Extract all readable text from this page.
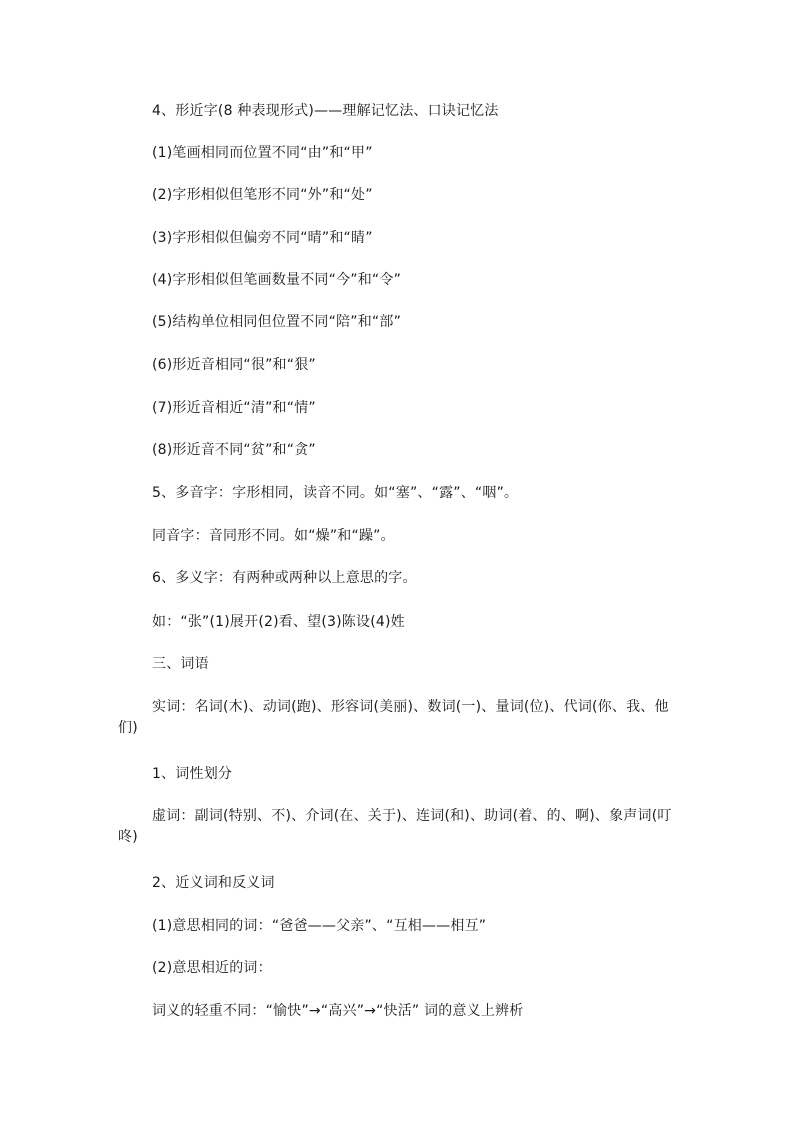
4、形近字(8 种表现形式)——理解记忆法、口诀记忆法

(1)笔画相同而位置不同“由”和“甲”

(2)字形相似但笔形不同“外”和“处”

(3)字形相似但偏旁不同“晴”和“睛”

(4)字形相似但笔画数量不同“今”和“令”

(5)结构单位相同但位置不同“陪”和“部”

(6)形近音相同“很”和“狠”

(7)形近音相近“清”和“情”

(8)形近音不同“贫”和“贪”

5、多音字：字形相同，读音不同。如“塞”、“露”、“咽”。

同音字：音同形不同。如“燥”和“躁”。

6、多义字：有两种或两种以上意思的字。

如：“张”(1)展开(2)看、望(3)陈设(4)姓

三、词语

实词：名词(木)、动词(跑)、形容词(美丽)、数词(一)、量词(位)、代词(你、我、他们)

1、词性划分

虚词：副词(特别、不)、介词(在、关于)、连词(和)、助词(着、的、啊)、象声词(叮咚)

2、近义词和反义词

(1)意思相同的词：“爸爸——父亲”、“互相——相互”

(2)意思相近的词：

词义的轻重不同：“愉快”→“高兴”→“快活” 词的意义上辨析
